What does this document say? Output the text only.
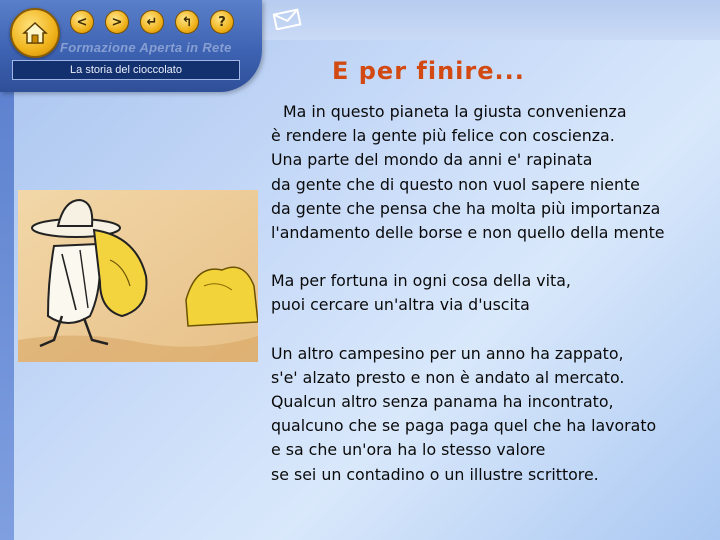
< > ↵ ↰ ?
Formazione Aperta in Rete
La storia del cioccolato	E per finire...
Ma in questo pianeta la giusta convenienza
è rendere la gente più felice con coscienza.
Una parte del mondo da anni e' rapinata
da gente che di questo non vuol sapere niente
da gente che pensa che ha molta più importanza
l'andamento delle borse e non quello della mente
Ma per fortuna in ogni cosa della vita,
puoi cercare un'altra via d'uscita
Un altro campesino per un anno ha zappato,
s'e' alzato presto e non è andato al mercato.
Qualcun altro senza panama ha incontrato,
qualcuno che se paga paga quel che ha lavorato
e sa che un'ora ha lo stesso valore
se sei un contadino o un illustre scrittore.
